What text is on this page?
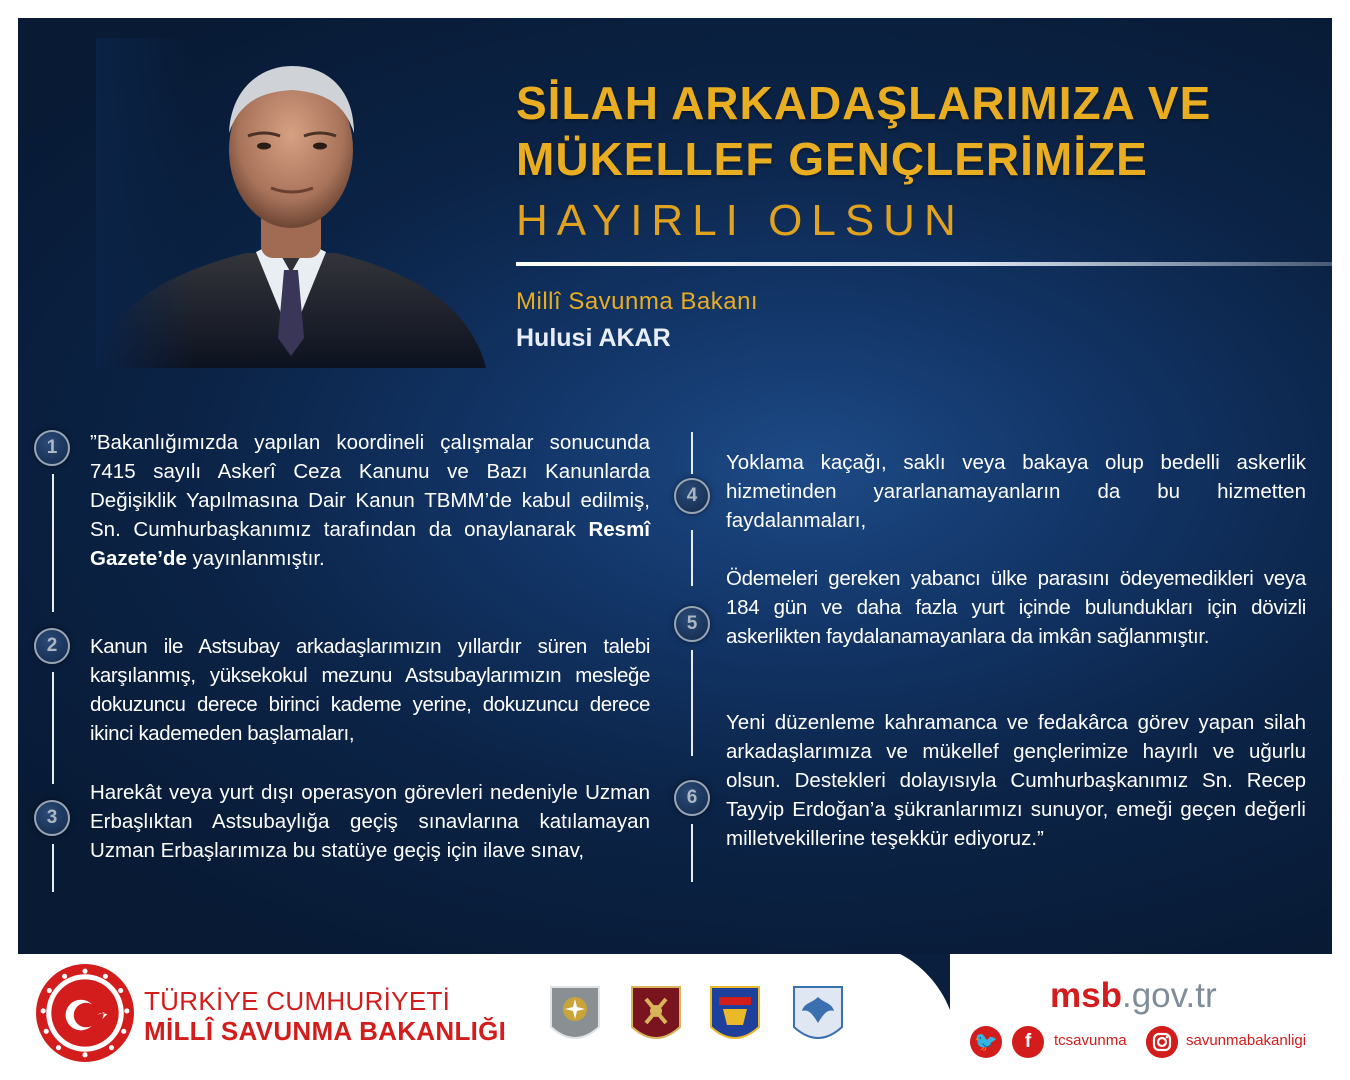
SİLAH ARKADAŞLARIMIZA VE
MÜKELLEF GENÇLERİMİZE
HAYIRLI OLSUN
Millî Savunma Bakanı
Hulusi AKAR
1	”Bakanlığımızda yapılan koordineli çalışmalar sonucunda 7415 sayılı Askerî Ceza Kanunu ve Bazı Kanunlarda Değişiklik Yapılmasına Dair Kanun TBMM’de kabul edilmiş, Sn. Cumhurbaşkanımız tarafından da onaylanarak Resmî Gazete’de yayınlanmıştır.
2	Kanun ile Astsubay arkadaşlarımızın yıllardır süren talebi karşılanmış, yüksekokul mezunu Astsubaylarımızın mesleğe dokuzuncu derece birinci kademe yerine, dokuzuncu derece ikinci kademeden başlamaları,
3
Harekât veya yurt dışı operasyon görevleri nedeniyle Uzman Erbaşlıktan Astsubaylığa geçiş sınavlarına katılamayan Uzman Erbaşlarımıza bu statüye geçiş için ilave sınav,
4
Yoklama kaçağı, saklı veya bakaya olup bedelli askerlik hizmetinden yararlanamayanların da bu hizmetten faydalanmaları,
5
Ödemeleri gereken yabancı ülke parasını ödeyemedikleri veya 184 gün ve daha fazla yurt içinde bulundukları için dövizli askerlikten faydalanamayanlara da imkân sağlanmıştır.
6
Yeni düzenleme kahramanca ve fedakârca görev yapan silah arkadaşlarımıza ve mükellef gençlerimize hayırlı ve uğurlu olsun. Destekleri dolayısıyla Cumhurbaşkanımız Sn. Recep Tayyip Erdoğan’a şükranlarımızı sunuyor, emeği geçen değerli milletvekillerine teşekkür ediyoruz.”
TÜRKİYE CUMHURİYETİ
MİLLÎ SAVUNMA BAKANLIĞI
msb.gov.tr
🐦	f	tcsavunma	savunmabakanligi
